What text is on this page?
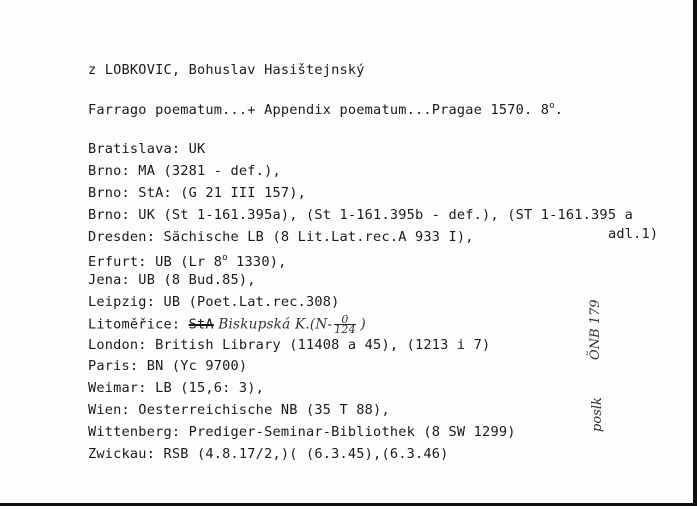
z LOBKOVIC, Bohuslav Hasištejnský
Farrago poematum...+ Appendix poematum...Pragae 1570. 8$^o$.
Bratislava: UK
Brno: MA (3281 - def.),
Brno: StA: (G 21 III 157),
Brno: UK (St 1-161.395a), (St 1-161.395b - def.), (ST 1-161.395 a
adl.1)
Dresden: Sächische LB (8 Lit.Lat.rec.A 933 I),
Erfurt: UB (Lr 8$^o$ 1330),
Jena: UB (8 Bud.85),
Leipzig: UB (Poet.Lat.rec.308)
Litoměřice: StA Biskupská $K.(N- \frac{0}{124}$ )
London: British Library (11408 a 45), (1213 i 7)
Paris: BN (Yc 9700)
Weimar: LB (15,6: 3),
Wien: Oesterreichische NB (35 T 88),
Wittenberg: Prediger-Seminar-Bibliothek (8 SW 1299)
Zwickau: RSB (4.8.17/2,)( (6.3.45),(6.3.46)
ÖNB 179
poslk
